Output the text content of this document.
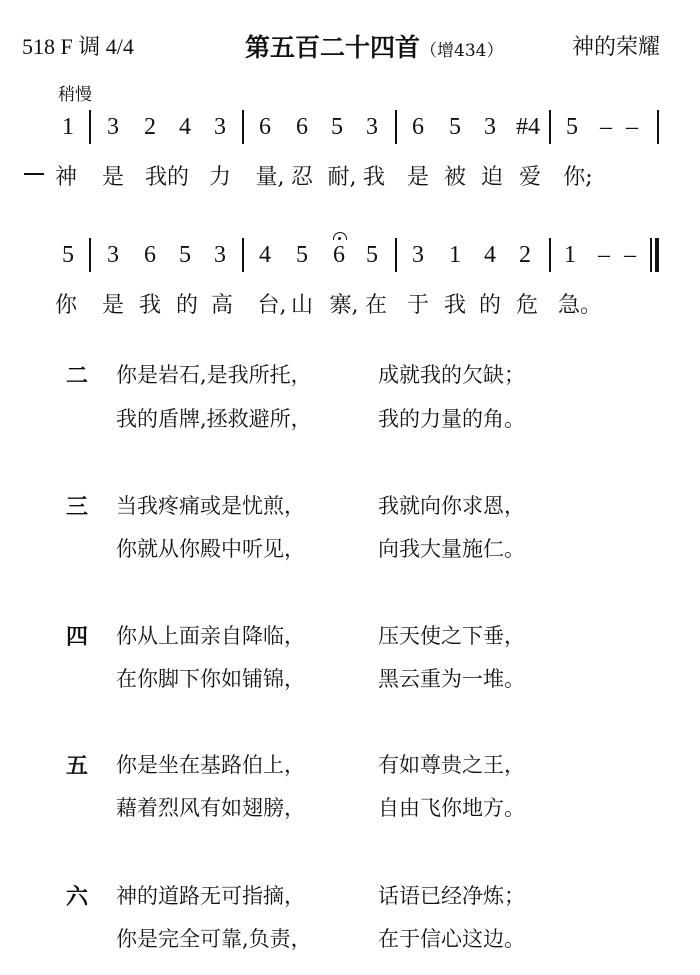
518 F 调 4/4	第五百二十四首（增434）	神的荣耀
稍慢
1 3 2 4 3 6 6 5 3 6 5 3 #4 5 – –
神 是 我的 力 量, 忍 耐, 我 是 被 迫 爱 你;
5 3 6 5 3 4 5 6 5 3 1 4 2 1 – –
你 是 我 的 高 台, 山 寨, 在 于 我 的 危 急。
二 你是岩石,是我所托，	成就我的欠缺；
我的盾牌,拯救避所，	我的力量的角。
三 当我疼痛或是忧煎，	我就向你求恩，
你就从你殿中听见，	向我大量施仁。
四 你从上面亲自降临，	压天使之下垂，
在你脚下你如铺锦，	黑云重为一堆。
五 你是坐在基路伯上，	有如尊贵之王，
藉着烈风有如翅膀，	自由飞你地方。
六 神的道路无可指摘，	话语已经净炼；
你是完全可靠,负责，	在于信心这边。
